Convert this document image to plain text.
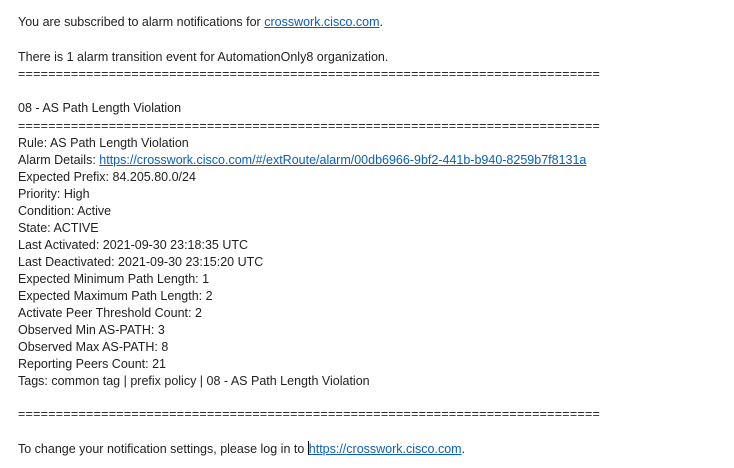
You are subscribed to alarm notifications for crosswork.cisco.com.
There is 1 alarm transition event for AutomationOnly8 organization.
=============================================================================
08 - AS Path Length Violation
=============================================================================
Rule: AS Path Length Violation
Alarm Details: https://crosswork.cisco.com/#/extRoute/alarm/00db6966-9bf2-441b-b940-8259b7f8131a
Expected Prefix: 84.205.80.0/24
Priority: High
Condition: Active
State: ACTIVE
Last Activated: 2021-09-30 23:18:35 UTC
Last Deactivated: 2021-09-30 23:15:20 UTC
Expected Minimum Path Length: 1
Expected Maximum Path Length: 2
Activate Peer Threshold Count: 2
Observed Min AS-PATH: 3
Observed Max AS-PATH: 8
Reporting Peers Count: 21
Tags: common tag | prefix policy | 08 - AS Path Length Violation
=============================================================================
To change your notification settings, please log in to https://crosswork.cisco.com.
